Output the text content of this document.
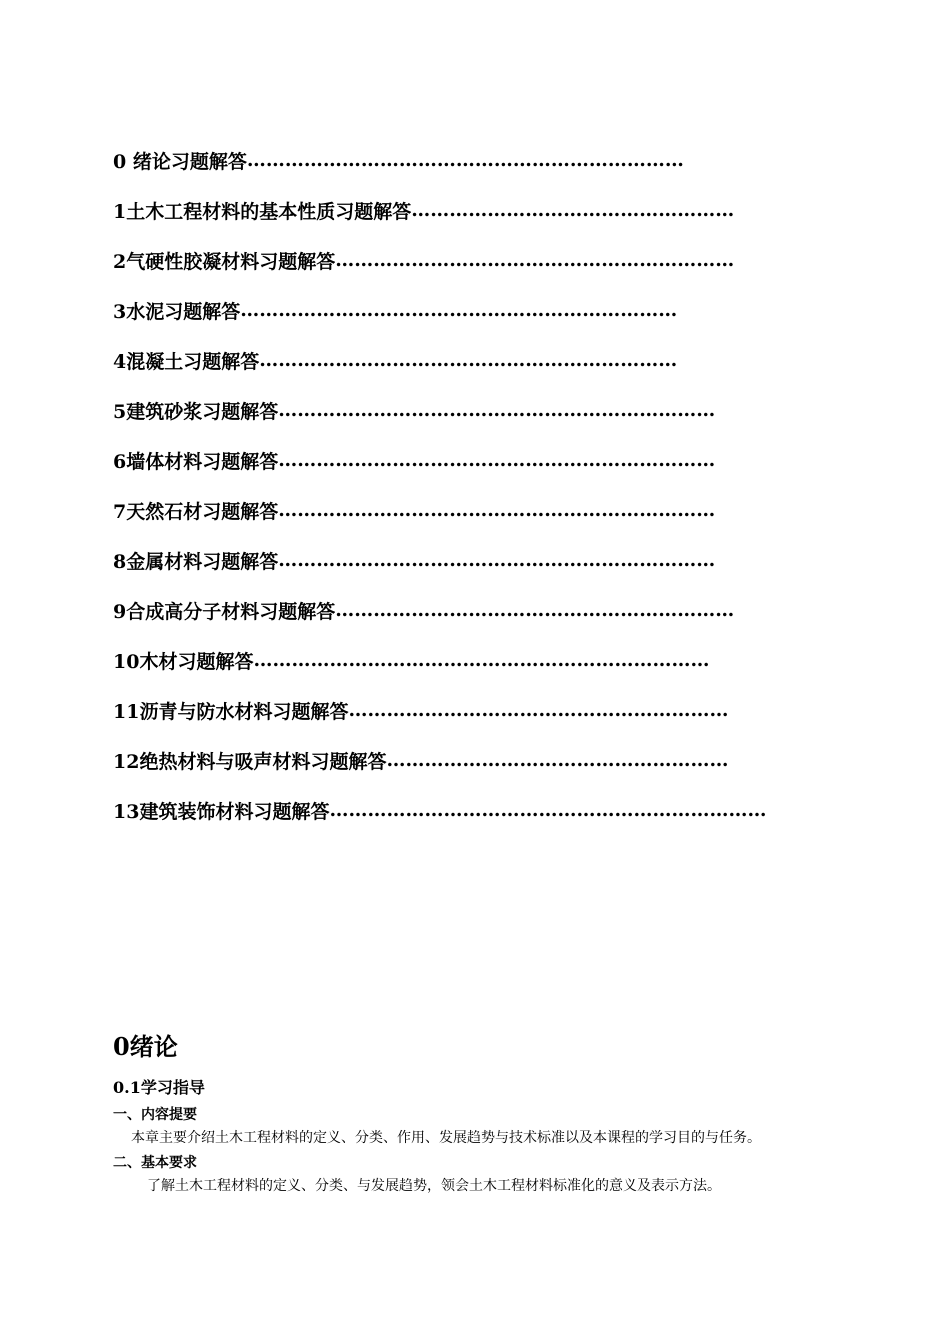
0 绪论习题解答 ……………………………………………………………
1土木工程材料的基本性质习题解答 ……………………………………………
2气硬性胶凝材料习题解答 ………………………………………………………
3水泥习题解答 ……………………………………………………………
4混凝土习题解答 …………………………………………………………
5建筑砂浆习题解答 ……………………………………………………………
6墙体材料习题解答 ……………………………………………………………
7天然石材习题解答 ……………………………………………………………
8金属材料习题解答 ……………………………………………………………
9合成高分子材料习题解答 ………………………………………………………
10木材习题解答 ………………………………………………………………
11沥青与防水材料习题解答 ……………………………………………………
12绝热材料与吸声材料习题解答 ………………………………………………
13建筑装饰材料习题解答 ……………………………………………………………
0绪论
0.1学习指导
一、内容提要
本章主要介绍土木工程材料的定义、分类、作用、发展趋势与技术标准以及本课程的学习目的与任务。
二、基本要求
了解土木工程材料的定义、分类、与发展趋势，领会土木工程材料标准化的意义及表示方法。
